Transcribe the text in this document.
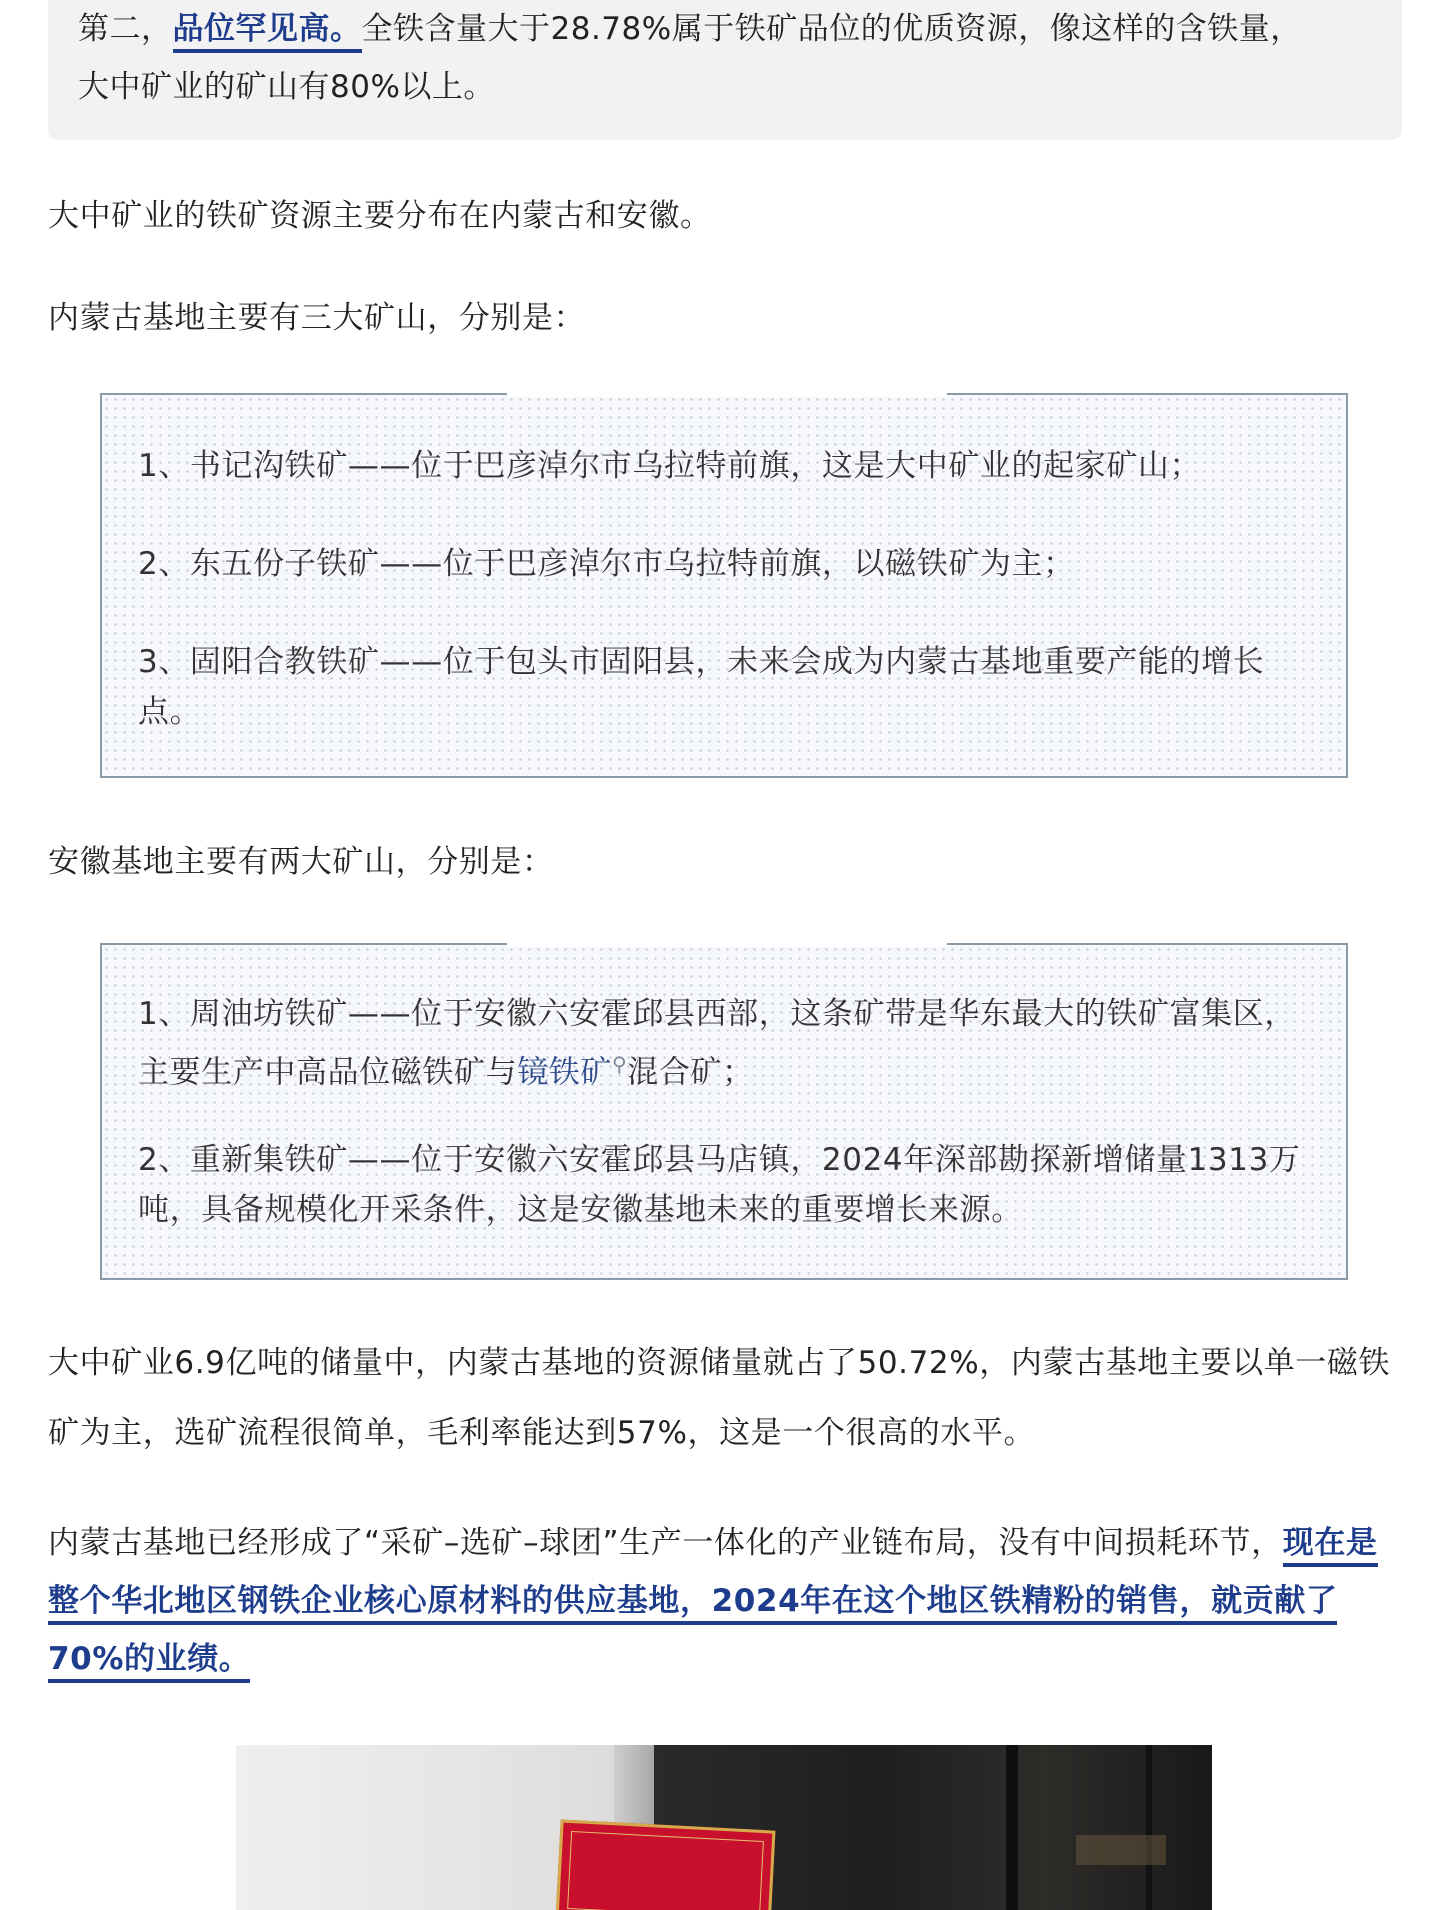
第二，品位罕见高。全铁含量大于28.78%属于铁矿品位的优质资源，像这样的含铁量，
大中矿业的矿山有80%以上。

大中矿业的铁矿资源主要分布在内蒙古和安徽。

内蒙古基地主要有三大矿山，分别是：

1、书记沟铁矿——位于巴彦淖尔市乌拉特前旗，这是大中矿业的起家矿山；

2、东五份子铁矿——位于巴彦淖尔市乌拉特前旗，以磁铁矿为主；

3、固阳合教铁矿——位于包头市固阳县，未来会成为内蒙古基地重要产能的增长点。

安徽基地主要有两大矿山，分别是：

1、周油坊铁矿——位于安徽六安霍邱县西部，这条矿带是华东最大的铁矿富集区，主要生产中高品位磁铁矿与镜铁矿⚲混合矿；

2、重新集铁矿——位于安徽六安霍邱县马店镇，2024年深部勘探新增储量1313万吨，具备规模化开采条件，这是安徽基地未来的重要增长来源。

大中矿业6.9亿吨的储量中，内蒙古基地的资源储量就占了50.72%，内蒙古基地主要以单一磁铁矿为主，选矿流程很简单，毛利率能达到57%，这是一个很高的水平。

内蒙古基地已经形成了“采矿–选矿–球团”生产一体化的产业链布局，没有中间损耗环节，现在是整个华北地区钢铁企业核心原材料的供应基地，2024年在这个地区铁精粉的销售，就贡献了70%的业绩。
